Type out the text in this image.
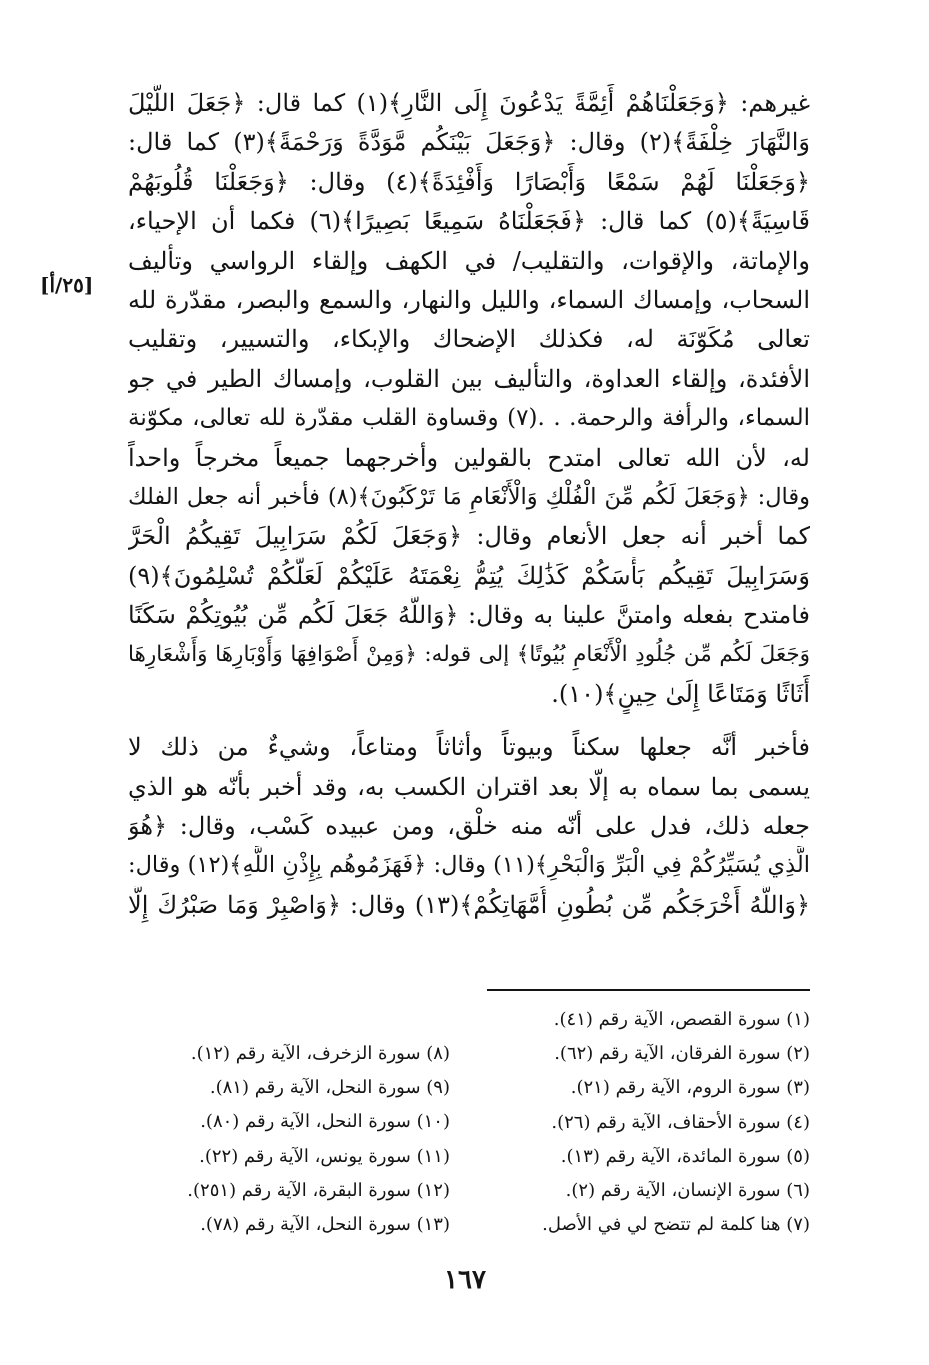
غيرهم: ﴿وَجَعَلْنَاهُمْ أَئِمَّةً يَدْعُونَ إِلَى النَّارِ﴾(١) كما قال: ﴿جَعَلَ اللَّيْلَ
وَالنَّهَارَ خِلْفَةً﴾(٢) وقال: ﴿وَجَعَلَ بَيْنَكُم مَّوَدَّةً وَرَحْمَةً﴾(٣) كما قال:
﴿وَجَعَلْنَا لَهُمْ سَمْعًا وَأَبْصَارًا وَأَفْئِدَةً﴾(٤) وقال: ﴿وَجَعَلْنَا قُلُوبَهُمْ
قَاسِيَةً﴾(٥) كما قال: ﴿فَجَعَلْنَاهُ سَمِيعًا بَصِيرًا﴾(٦) فكما أن الإحياء،
والإماتة، والإقوات، والتقليب/ في الكهف وإلقاء الرواسي وتأليف
السحاب، وإمساك السماء، والليل والنهار، والسمع والبصر، مقدّرة لله
تعالى مُكَوّنَة له، فكذلك الإضحاك والإبكاء، والتسيير، وتقليب
الأفئدة، وإلقاء العداوة، والتأليف بين القلوب، وإمساك الطير في جو
السماء، والرأفة والرحمة. . .(٧) وقساوة القلب مقدّرة لله تعالى، مكوّنة
له، لأن الله تعالى امتدح بالقولين وأخرجهما جميعاً مخرجاً واحداً
وقال: ﴿وَجَعَلَ لَكُم مِّنَ الْفُلْكِ وَالْأَنْعَامِ مَا تَرْكَبُونَ﴾(٨) فأخبر أنه جعل الفلك
كما أخبر أنه جعل الأنعام وقال: ﴿وَجَعَلَ لَكُمْ سَرَابِيلَ تَقِيكُمُ الْحَرَّ
وَسَرَابِيلَ تَقِيكُم بَأْسَكُمْ كَذَٰلِكَ يُتِمُّ نِعْمَتَهُ عَلَيْكُمْ لَعَلَّكُمْ تُسْلِمُونَ﴾(٩)
فامتدح بفعله وامتنَّ علينا به وقال: ﴿وَاللَّهُ جَعَلَ لَكُم مِّن بُيُوتِكُمْ سَكَنًا
وَجَعَلَ لَكُم مِّن جُلُودِ الْأَنْعَامِ بُيُوتًا﴾ إلى قوله: ﴿وَمِنْ أَصْوَافِهَا وَأَوْبَارِهَا وَأَشْعَارِهَا
أَثَاثًا وَمَتَاعًا إِلَىٰ حِينٍ﴾(١٠).
فأخبر أنَّه جعلها سكناً وبيوتاً وأثاثاً ومتاعاً، وشيءٌ من ذلك لا
يسمى بما سماه به إلّا بعد اقتران الكسب به، وقد أخبر بأنّه هو الذي
جعله ذلك، فدل على أنّه منه خلْق، ومن عبيده كَسْب، وقال: ﴿هُوَ
الَّذِي يُسَيِّرُكُمْ فِي الْبَرِّ وَالْبَحْرِ﴾(١١) وقال: ﴿فَهَزَمُوهُم بِإِذْنِ اللَّهِ﴾(١٢) وقال:
﴿وَاللَّهُ أَخْرَجَكُم مِّن بُطُونِ أُمَّهَاتِكُمْ﴾(١٣) وقال: ﴿وَاصْبِرْ وَمَا صَبْرُكَ إِلَّا
[٢٥/أ]
(١) سورة القصص، الآية رقم (٤١).
(٢) سورة الفرقان، الآية رقم (٦٢).
(٣) سورة الروم، الآية رقم (٢١).
(٤) سورة الأحقاف، الآية رقم (٢٦).
(٥) سورة المائدة، الآية رقم (١٣).
(٦) سورة الإنسان، الآية رقم (٢).
(٧) هنا كلمة لم تتضح لي في الأصل.
(٨) سورة الزخرف، الآية رقم (١٢).
(٩) سورة النحل، الآية رقم (٨١).
(١٠) سورة النحل، الآية رقم (٨٠).
(١١) سورة يونس، الآية رقم (٢٢).
(١٢) سورة البقرة، الآية رقم (٢٥١).
(١٣) سورة النحل، الآية رقم (٧٨).
١٦٧
